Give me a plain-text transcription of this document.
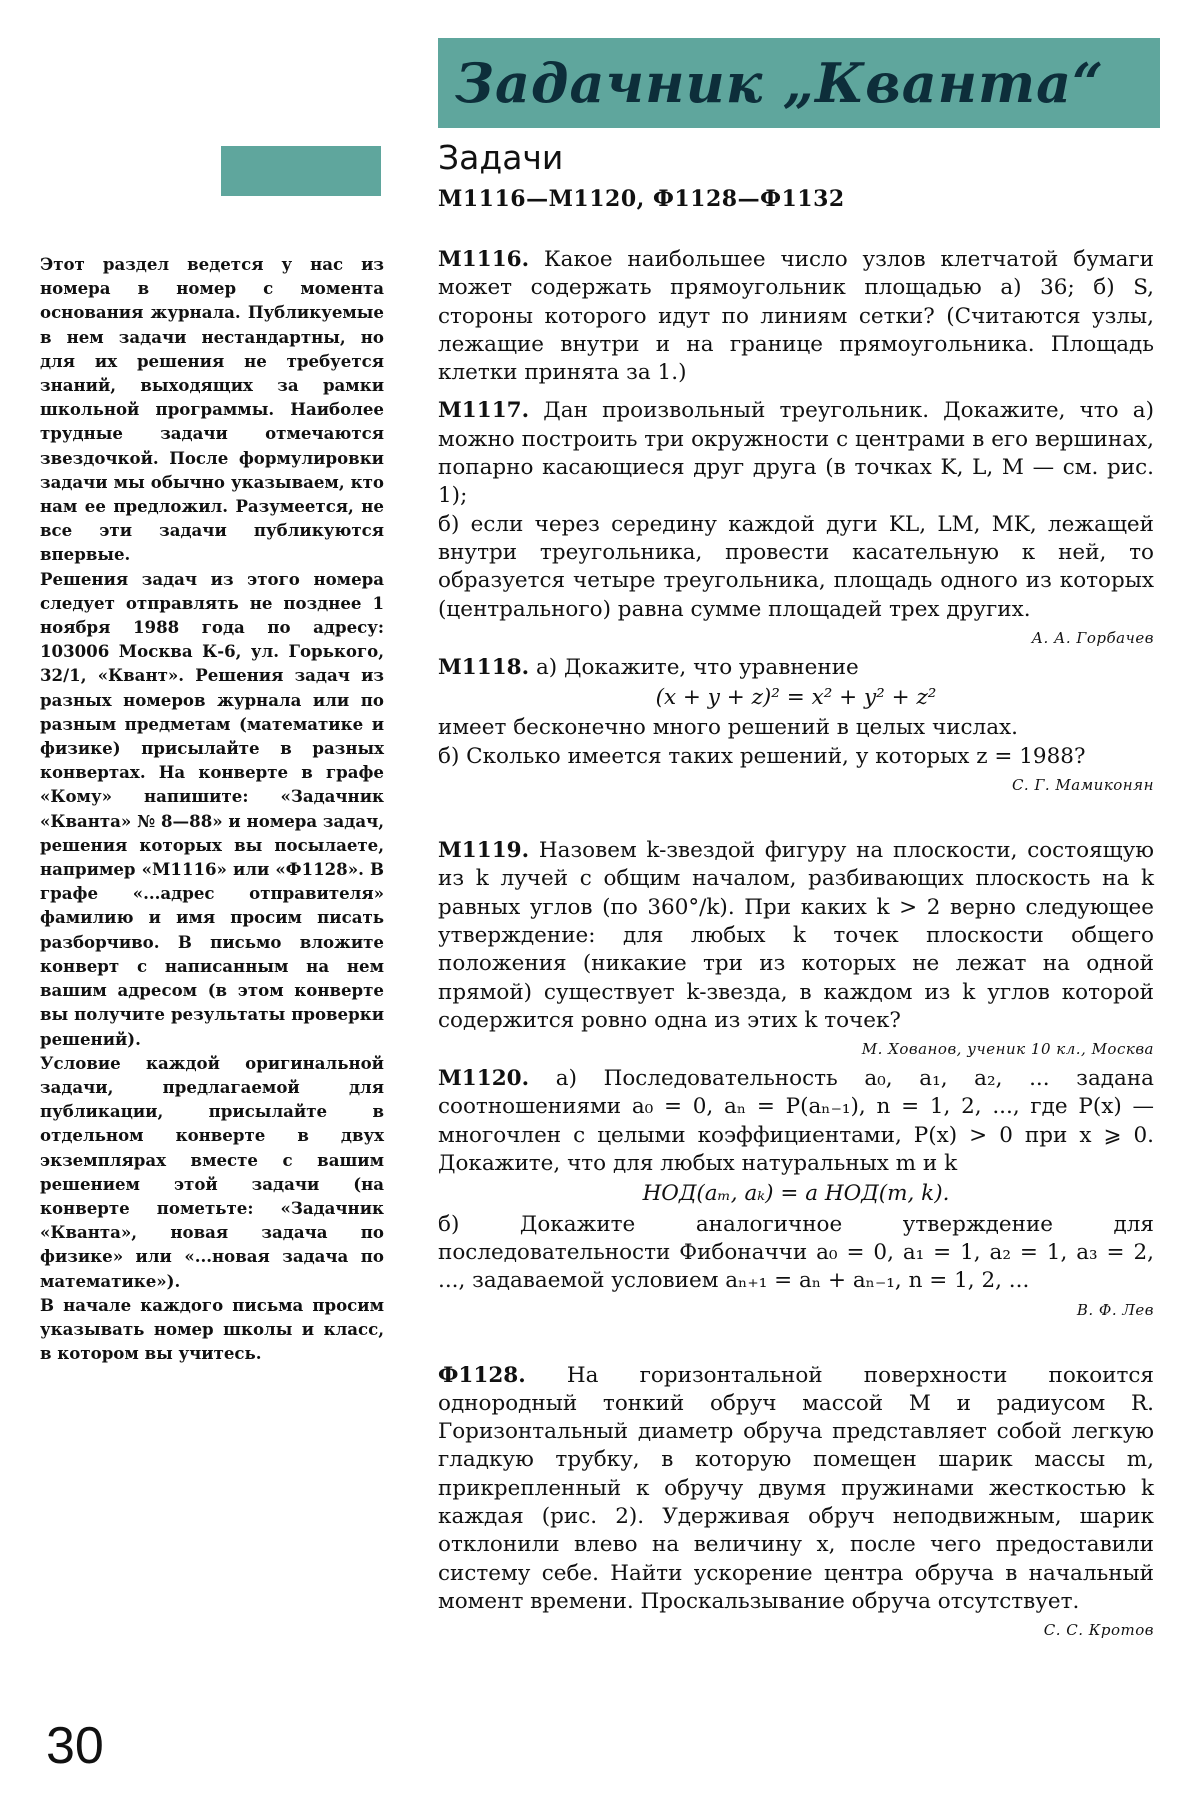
Задачник „Кванта“
Задачи
М1116—М1120, Ф1128—Ф1132

Этот раздел ведется у нас из номера в номер с момента основания журнала. Публикуемые в нем задачи нестандартны, но для их решения не требуется знаний, выходящих за рамки школьной программы. Наиболее трудные задачи отмечаются звездочкой. После формулировки задачи мы обычно указываем, кто нам ее предложил. Разумеется, не все эти задачи публикуются впервые.

Решения задач из этого номера следует отправлять не позднее 1 ноября 1988 года по адресу: 103006 Москва К-6, ул. Горького, 32/1, «Квант». Решения задач из разных номеров журнала или по разным предметам (математике и физике) присылайте в разных конвертах. На конверте в графе «Кому» напишите: «Задачник «Кванта» № 8—88» и номера задач, решения которых вы посылаете, например «М1116» или «Ф1128». В графе «...адрес отправителя» фамилию и имя просим писать разборчиво. В письмо вложите конверт с написанным на нем вашим адресом (в этом конверте вы получите результаты проверки решений).

Условие каждой оригинальной задачи, предлагаемой для публикации, присылайте в отдельном конверте в двух экземплярах вместе с вашим решением этой задачи (на конверте пометьте: «Задачник «Кванта», новая задача по физике» или «...новая задача по математике»).

В начале каждого письма просим указывать номер школы и класс, в котором вы учитесь.

М1116. Какое наибольшее число узлов клетчатой бумаги может содержать прямоугольник площадью а) 36; б) S, стороны которого идут по линиям сетки? (Считаются узлы, лежащие внутри и на границе прямоугольника. Площадь клетки принята за 1.)

М1117. Дан произвольный треугольник. Докажите, что а) можно построить три окружности с центрами в его вершинах, попарно касающиеся друг друга (в точках K, L, M — см. рис. 1);

б) если через середину каждой дуги KL, LM, MK, лежащей внутри треугольника, провести касательную к ней, то образуется четыре треугольника, площадь одного из которых (центрального) равна сумме площадей трех других.

А. А. Горбачев

М1118. а) Докажите, что уравнение

(x + y + z)² = x² + y² + z²

имеет бесконечно много решений в целых числах.

б) Сколько имеется таких решений, у которых z = 1988?

С. Г. Мамиконян

М1119. Назовем k-звездой фигуру на плоскости, состоящую из k лучей с общим началом, разбивающих плоскость на k равных углов (по 360°/k). При каких k > 2 верно следующее утверждение: для любых k точек плоскости общего положения (никакие три из которых не лежат на одной прямой) существует k-звезда, в каждом из k углов которой содержится ровно одна из этих k точек?

М. Хованов, ученик 10 кл., Москва

М1120. а) Последовательность a₀, a₁, a₂, ... задана соотношениями a₀ = 0, aₙ = P(aₙ₋₁), n = 1, 2, ..., где P(x) — многочлен с целыми коэффициентами, P(x) > 0 при x ⩾ 0. Докажите, что для любых натуральных m и k

НОД(aₘ, aₖ) = a НОД(m, k).

б) Докажите аналогичное утверждение для последовательности Фибоначчи a₀ = 0, a₁ = 1, a₂ = 1, a₃ = 2, ..., задаваемой условием aₙ₊₁ = aₙ + aₙ₋₁, n = 1, 2, ...

В. Ф. Лев

Ф1128. На горизонтальной поверхности покоится однородный тонкий обруч массой M и радиусом R. Горизонтальный диаметр обруча представляет собой легкую гладкую трубку, в которую помещен шарик массы m, прикрепленный к обручу двумя пружинами жесткостью k каждая (рис. 2). Удерживая обруч неподвижным, шарик отклонили влево на величину x, после чего предоставили систему себе. Найти ускорение центра обруча в начальный момент времени. Проскальзывание обруча отсутствует.

С. С. Кротов
30
